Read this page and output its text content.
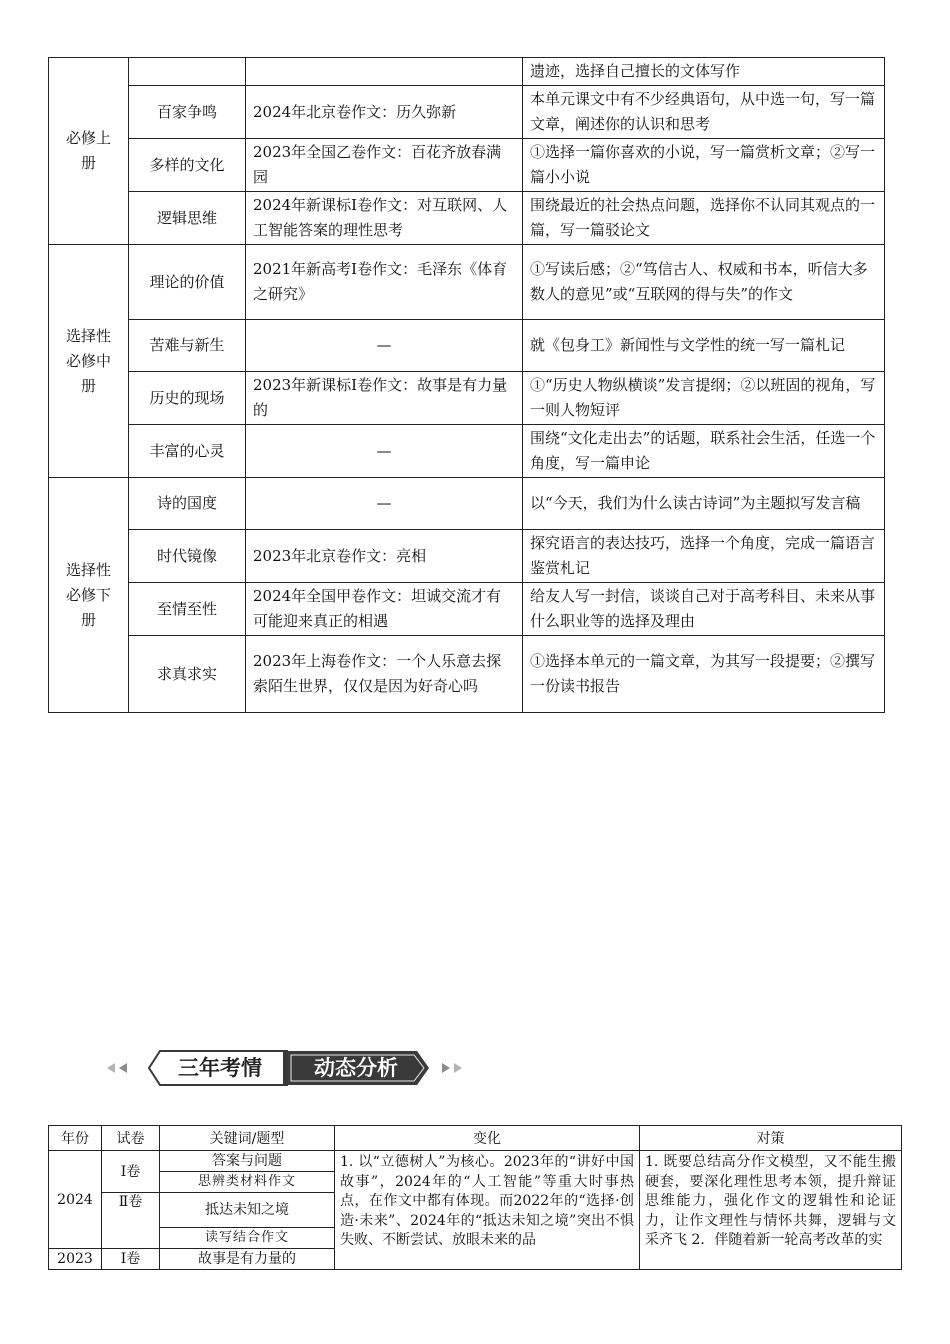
必修上册			遗迹，选择自己擅长的文体写作
	百家争鸣	2024年北京卷作文：历久弥新	本单元课文中有不少经典语句，从中选一句，写一篇文章，阐述你的认识和思考
	多样的文化	2023年全国乙卷作文：百花齐放春满园	①选择一篇你喜欢的小说，写一篇赏析文章；②写一篇小小说
	逻辑思维	2024年新课标Ⅰ卷作文：对互联网、人工智能答案的理性思考	围绕最近的社会热点问题，选择你不认同其观点的一篇，写一篇驳论文
选择性必修中册	理论的价值	2021年新高考Ⅰ卷作文：毛泽东《体育之研究》	①写读后感；②“笃信古人、权威和书本，听信大多数人的意见”或“互联网的得与失”的作文
	苦难与新生	—	就《包身工》新闻性与文学性的统一写一篇札记
	历史的现场	2023年新课标Ⅰ卷作文：故事是有力量的	①“历史人物纵横谈”发言提纲；②以班固的视角，写一则人物短评
	丰富的心灵	—	围绕“文化走出去”的话题，联系社会生活，任选一个角度，写一篇申论
选择性必修下册	诗的国度	—	以“今天，我们为什么读古诗词”为主题拟写发言稿
	时代镜像	2023年北京卷作文：亮相	探究语言的表达技巧，选择一个角度，完成一篇语言鉴赏札记
	至情至性	2024年全国甲卷作文：坦诚交流才有可能迎来真正的相遇	给友人写一封信，谈谈自己对于高考科目、未来从事什么职业等的选择及理由
	求真求实	2023年上海卷作文：一个人乐意去探索陌生世界，仅仅是因为好奇心吗	①选择本单元的一篇文章，为其写一段提要；②撰写一份读书报告
三年考情 动态分析
年份	试卷	关键词/题型	变化	对策
2024	Ⅰ卷	答案与问题	1. 以“立德树人”为核心。2023年的“讲好中国故事”，2024年的“人工智能”等重大时事热点，在作文中都有体现。而2022年的“选择·创造·未来”、2024年的“抵达未知之境”突出不惧失败、不断尝试、放眼未来的品	1. 既要总结高分作文模型，又不能生搬硬套，要深化理性思考本领，提升辩证思维能力，强化作文的逻辑性和论证力，让作文理性与情怀共舞，逻辑与文采齐飞 2．伴随着新一轮高考改革的实

		思辨类材料作文		
	Ⅱ卷	抵达未知之境		
		读写结合作文		
2023	Ⅰ卷	故事是有力量的		
